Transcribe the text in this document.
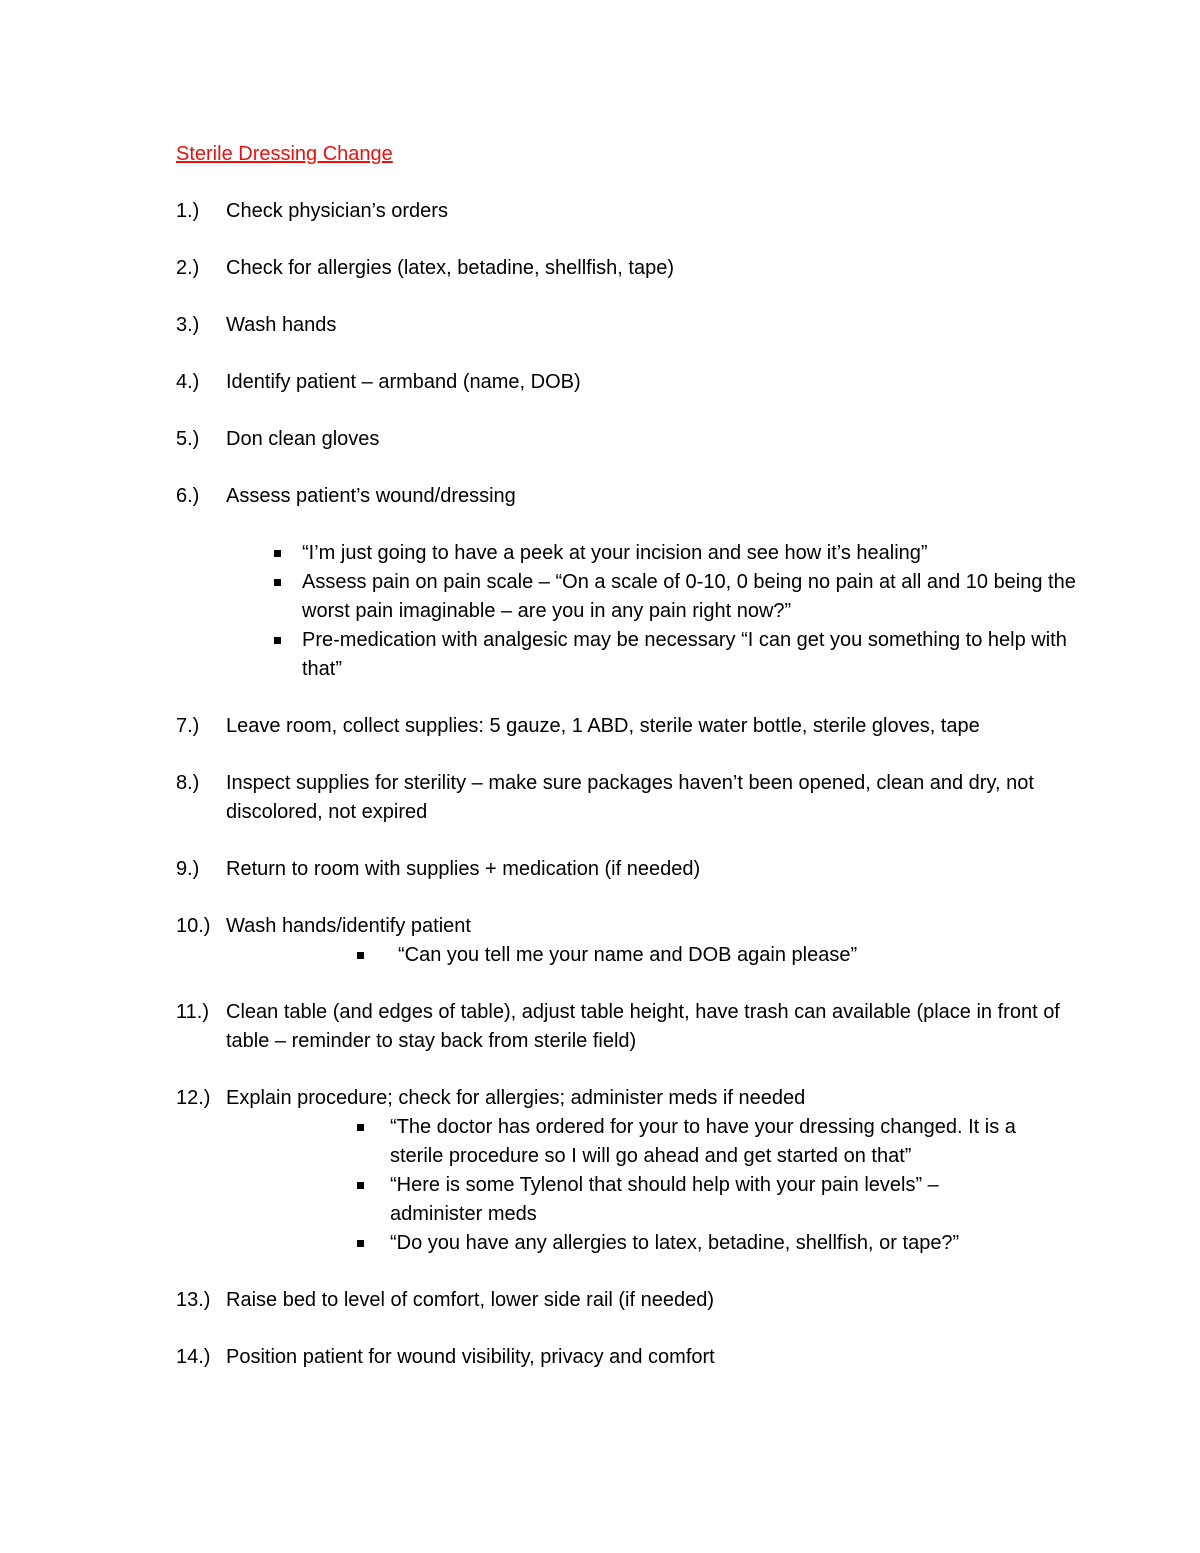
Sterile Dressing Change
1.)	Check physician’s orders
2.)	Check for allergies (latex, betadine, shellfish, tape)
3.)	Wash hands
4.)	Identify patient – armband (name, DOB)
5.)	Don clean gloves
6.)	Assess patient’s wound/dressing
“I’m just going to have a peek at your incision and see how it’s healing”
Assess pain on pain scale – “On a scale of 0-10, 0 being no pain at all and 10 being the worst pain imaginable – are you in any pain right now?”
Pre-medication with analgesic may be necessary “I can get you something to help with that”
7.)	Leave room, collect supplies: 5 gauze, 1 ABD, sterile water bottle, sterile gloves, tape
8.)	Inspect supplies for sterility – make sure packages haven’t been opened, clean and dry, not discolored, not expired
9.)	Return to room with supplies + medication (if needed)
10.) Wash hands/identify patient
“Can you tell me your name and DOB again please”
11.) Clean table (and edges of table), adjust table height, have trash can available (place in front of table – reminder to stay back from sterile field)
12.) Explain procedure; check for allergies; administer meds if needed
“The doctor has ordered for your to have your dressing changed. It is a sterile procedure so I will go ahead and get started on that”
“Here is some Tylenol that should help with your pain levels” – administer meds
“Do you have any allergies to latex, betadine, shellfish, or tape?”
13.) Raise bed to level of comfort, lower side rail (if needed)
14.) Position patient for wound visibility, privacy and comfort
